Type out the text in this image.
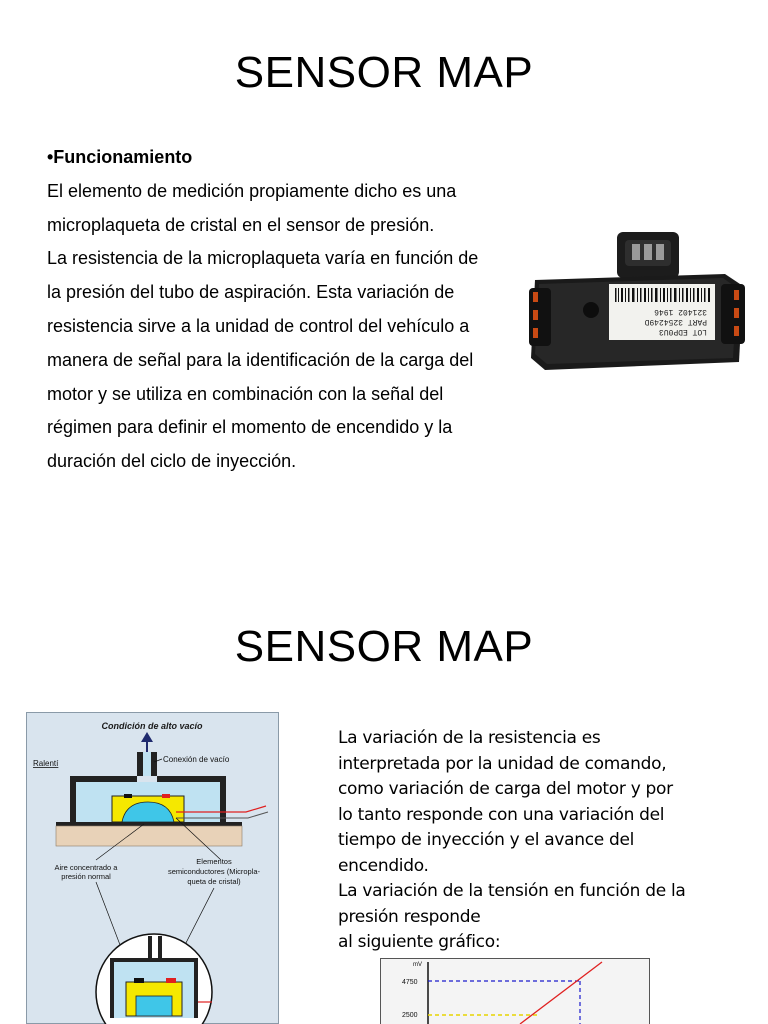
SENSOR MAP
•Funcionamiento
El elemento de medición propiamente dicho es una
microplaqueta de cristal en el sensor de presión.
La resistencia de la microplaqueta varía en función de
la presión del tubo de aspiración. Esta variación de
resistencia sirve a la unidad de control del vehículo a
manera de señal para la identificación de la carga del
motor y se utiliza en combinación con la señal del
régimen para definir el momento de encendido y la
duración del ciclo de inyección.
LOT EDP0U3
PART 3254249D
321402 1946
SENSOR MAP
Condición de alto vacío
Ralentí	Conexión de vacío
Aire concentrado a
presión normal
Elementos
semiconductores (Micropla-
queta de cristal)
La variación de la resistencia es
interpretada por la unidad de comando,
como variación de carga del motor y por
lo tanto responde con una variación del
tiempo de inyección y el avance del
encendido.
La variación de la tensión en función de la
presión responde
al siguiente gráfico:
mV
4750
2500
